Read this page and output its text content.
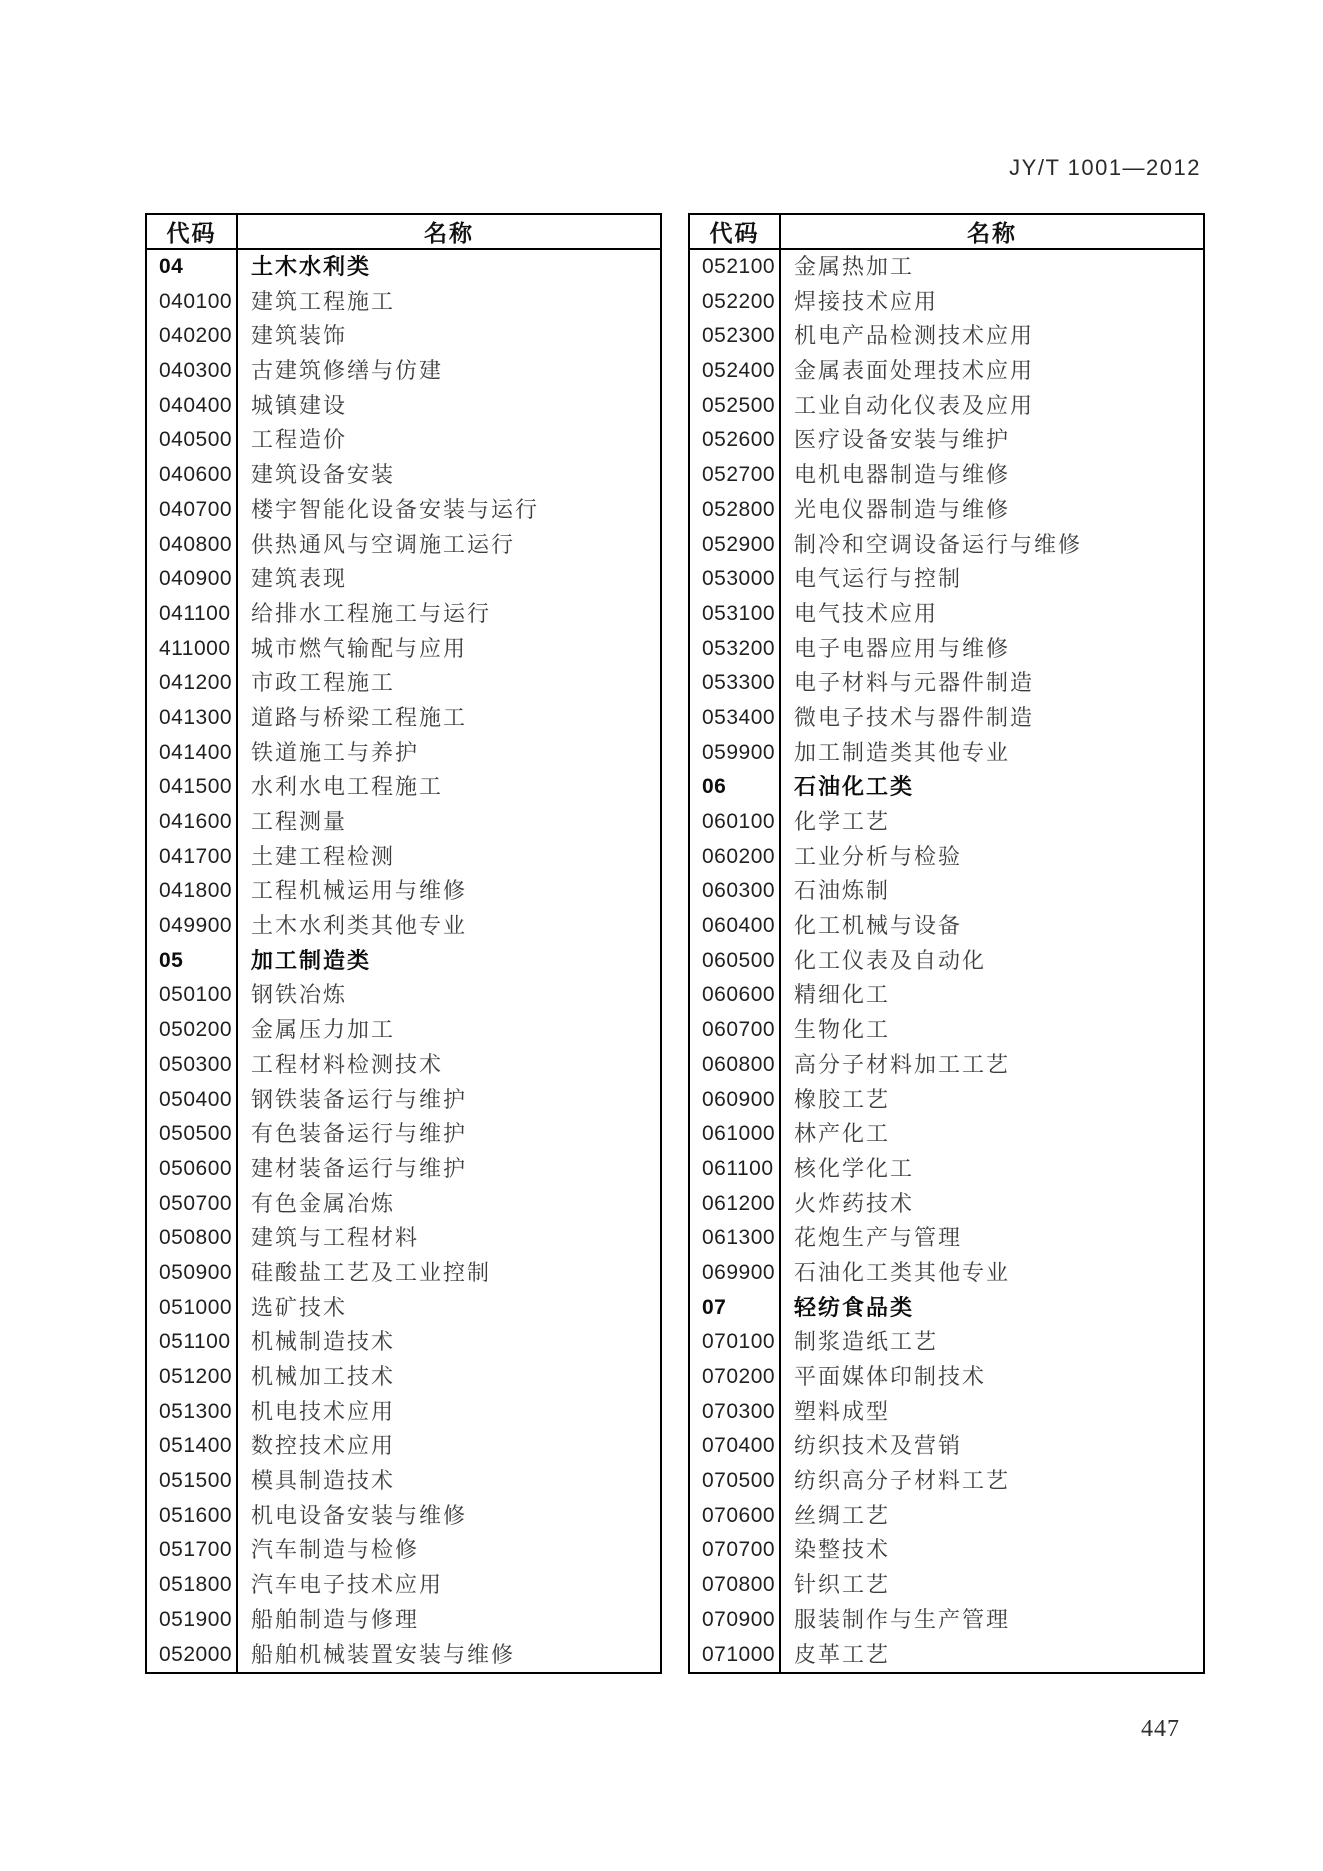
JY/T 1001—2012
代码	名称
04	土木水利类
040100	建筑工程施工
040200	建筑装饰
040300	古建筑修缮与仿建
040400	城镇建设
040500	工程造价
040600	建筑设备安装
040700	楼宇智能化设备安装与运行
040800	供热通风与空调施工运行
040900	建筑表现
041100	给排水工程施工与运行
411000	城市燃气输配与应用
041200	市政工程施工
041300	道路与桥梁工程施工
041400	铁道施工与养护
041500	水利水电工程施工
041600	工程测量
041700	土建工程检测
041800	工程机械运用与维修
049900	土木水利类其他专业
05	加工制造类
050100	钢铁冶炼
050200	金属压力加工
050300	工程材料检测技术
050400	钢铁装备运行与维护
050500	有色装备运行与维护
050600	建材装备运行与维护
050700	有色金属冶炼
050800	建筑与工程材料
050900	硅酸盐工艺及工业控制
051000	选矿技术
051100	机械制造技术
051200	机械加工技术
051300	机电技术应用
051400	数控技术应用
051500	模具制造技术
051600	机电设备安装与维修
051700	汽车制造与检修
051800	汽车电子技术应用
051900	船舶制造与修理
052000	船舶机械装置安装与维修
代码	名称
052100	金属热加工
052200	焊接技术应用
052300	机电产品检测技术应用
052400	金属表面处理技术应用
052500	工业自动化仪表及应用
052600	医疗设备安装与维护
052700	电机电器制造与维修
052800	光电仪器制造与维修
052900	制冷和空调设备运行与维修
053000	电气运行与控制
053100	电气技术应用
053200	电子电器应用与维修
053300	电子材料与元器件制造
053400	微电子技术与器件制造
059900	加工制造类其他专业
06	石油化工类
060100	化学工艺
060200	工业分析与检验
060300	石油炼制
060400	化工机械与设备
060500	化工仪表及自动化
060600	精细化工
060700	生物化工
060800	高分子材料加工工艺
060900	橡胶工艺
061000	林产化工
061100	核化学化工
061200	火炸药技术
061300	花炮生产与管理
069900	石油化工类其他专业
07	轻纺食品类
070100	制浆造纸工艺
070200	平面媒体印制技术
070300	塑料成型
070400	纺织技术及营销
070500	纺织高分子材料工艺
070600	丝绸工艺
070700	染整技术
070800	针织工艺
070900	服装制作与生产管理
071000	皮革工艺
447
